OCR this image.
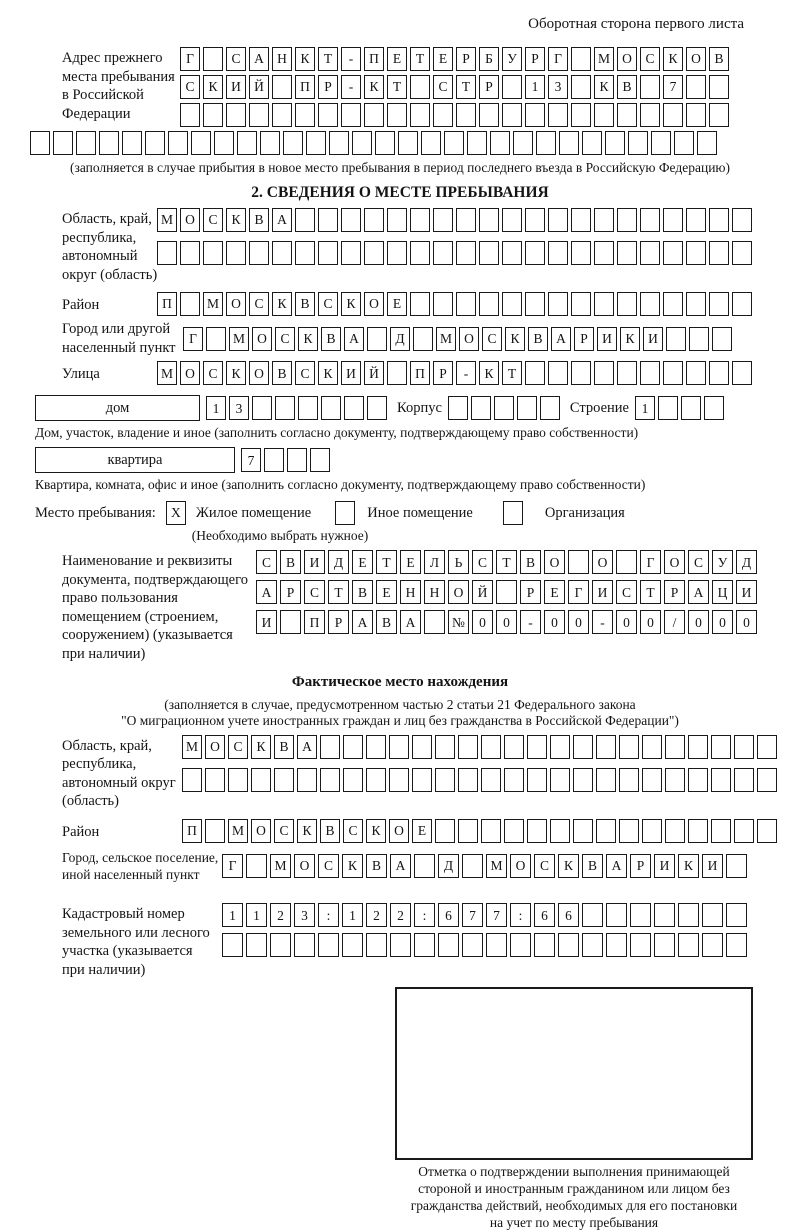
Оборотная сторона первого листа
Адрес прежнего
места пребывания
в Российской
Федерации
Г	С	А Н	К	Т	-	П	Е	Т	Е	Р	Б	У	Р	Г	М О	С	К	О	В
С	К	И Й	П	Р	-	К	Т	С	Т	Р	1	3	К	В	7
(заполняется в случае прибытия в новое место пребывания в период последнего въезда в Российскую Федерацию)
2. СВЕДЕНИЯ О МЕСТЕ ПРЕБЫВАНИЯ
Область, край,
республика,
автономный
округ (область)
М О	С	К	В	А
Район	П	М О	С	К	В	С	К	О	Е
Город или другой
населенный пункт
Г	М О	С	К	В	А	Д	М О	С	К	В	А	Р	И	К	И
Улица	М О	С	К	О	В	С	К	И Й	П	Р	-	К	Т
дом	1	3	Корпус	Строение 1
Дом, участок, владение и иное (заполнить согласно документу, подтверждающему право собственности)
квартира	7
Квартира, комната, офис и иное (заполнить согласно документу, подтверждающему право собственности)
Место пребывания:	X	Жилое помещение	Иное помещение	Организация
(Необходимо выбрать нужное)
Наименование и реквизиты
документа, подтверждающего
право пользования
помещением (строением,
сооружением) (указывается
при наличии)
С	В	И	Д	Е	Т	Е	Л	Ь	С	Т	В	О	О	Г	О	С	У	Д
А	Р	С	Т	В	Е	Н	Н	О	Й	Р	Е	Г	И	С	Т	Р	А	Ц	И
И	П	Р	А	В	А	№	0	0	-	0	0	-	0	0	/	0	0	0
Фактическое место нахождения
(заполняется в случае, предусмотренном частью 2 статьи 21 Федерального закона
"О миграционном учете иностранных граждан и лиц без гражданства в Российской Федерации")
Область, край,
республика,
автономный округ
(область)
М О	С	К	В	А
Район	П	М О	С	К	В	С	К	О	Е
Город, сельское поселение,
иной населенный пункт
Г	М О	С	К	В	А	Д	М О	С	К	В	А	Р	И	К	И
Кадастровый номер
земельного или лесного
участка (указывается
при наличии)
1	1	2	3	:	1	2	2	:	6	7	7	:	6	6
Отметка о подтверждении выполнения принимающей
стороной и иностранным гражданином или лицом без
гражданства действий, необходимых для его постановки
на учет по месту пребывания
